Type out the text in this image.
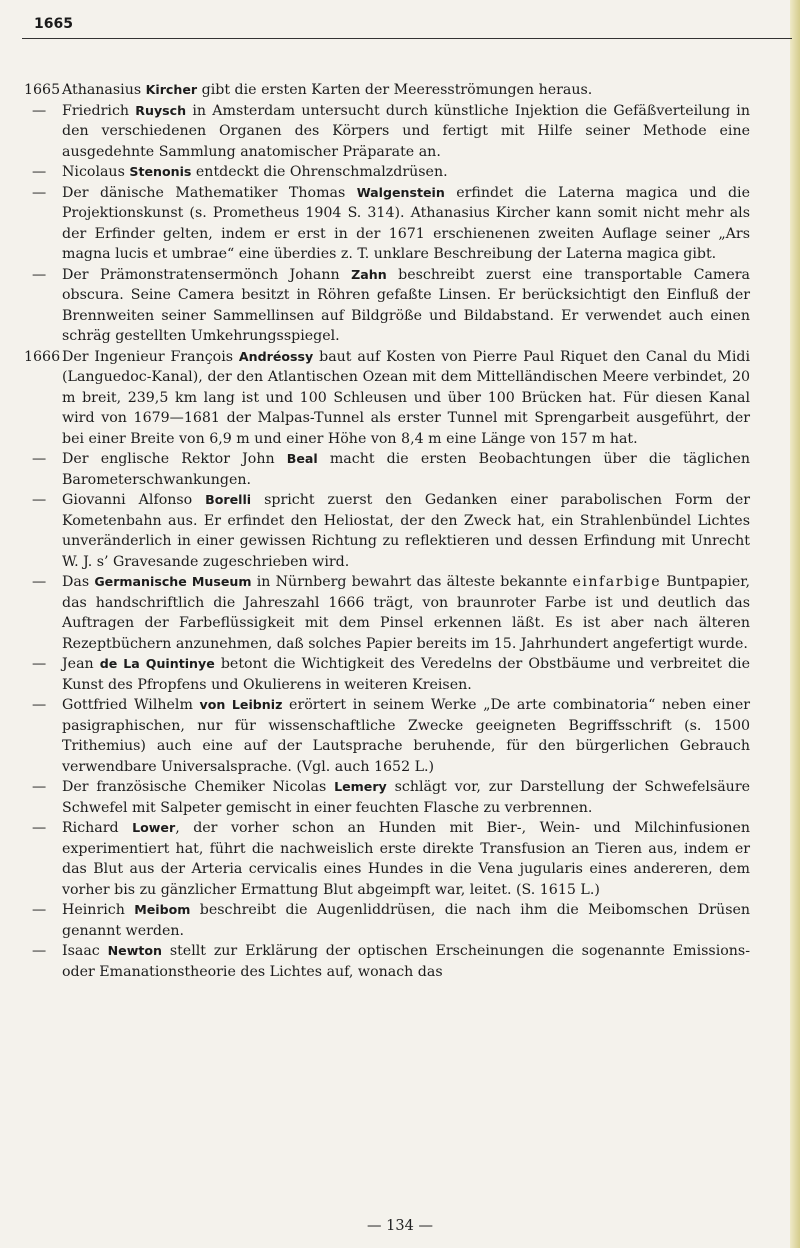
1665
1665 Athanasius Kircher gibt die ersten Karten der Meeresströmungen heraus.
—	Friedrich Ruysch in Amsterdam untersucht durch künstliche Injektion die Gefäßverteilung in den verschiedenen Organen des Körpers und fertigt mit Hilfe seiner Methode eine ausgedehnte Sammlung anatomischer Präparate an.
—	Nicolaus Stenonis entdeckt die Ohrenschmalzdrüsen.
—	Der dänische Mathematiker Thomas Walgenstein erfindet die Laterna magica und die Projektionskunst (s. Prometheus 1904 S. 314). Athanasius Kircher kann somit nicht mehr als der Erfinder gelten, indem er erst in der 1671 erschienenen zweiten Auflage seiner „Ars magna lucis et umbrae“ eine überdies z. T. unklare Beschreibung der Laterna magica gibt.
—	Der Prämonstratensermönch Johann Zahn beschreibt zuerst eine transportable Camera obscura. Seine Camera besitzt in Röhren gefaßte Linsen. Er berücksichtigt den Einfluß der Brennweiten seiner Sammellinsen auf Bildgröße und Bildabstand. Er verwendet auch einen schräg gestellten Umkehrungsspiegel.
1666 Der Ingenieur François Andréossy baut auf Kosten von Pierre Paul Riquet den Canal du Midi (Languedoc-Kanal), der den Atlantischen Ozean mit dem Mittelländischen Meere verbindet, 20 m breit, 239,5 km lang ist und 100 Schleusen und über 100 Brücken hat. Für diesen Kanal wird von 1679—1681 der Malpas-Tunnel als erster Tunnel mit Sprengarbeit ausgeführt, der bei einer Breite von 6,9 m und einer Höhe von 8,4 m eine Länge von 157 m hat.
—	Der englische Rektor John Beal macht die ersten Beobachtungen über die täglichen Barometerschwankungen.
—	Giovanni Alfonso Borelli spricht zuerst den Gedanken einer parabolischen Form der Kometenbahn aus. Er erfindet den Heliostat, der den Zweck hat, ein Strahlenbündel Lichtes unveränderlich in einer gewissen Richtung zu reflektieren und dessen Erfindung mit Unrecht W. J. s’ Gravesande zugeschrieben wird.
—	Das Germanische Museum in Nürnberg bewahrt das älteste bekannte einfarbige Buntpapier, das handschriftlich die Jahreszahl 1666 trägt, von braunroter Farbe ist und deutlich das Auftragen der Farbeflüssigkeit mit dem Pinsel erkennen läßt. Es ist aber nach älteren Rezeptbüchern anzunehmen, daß solches Papier bereits im 15. Jahrhundert angefertigt wurde.
—	Jean de La Quintinye betont die Wichtigkeit des Veredelns der Obstbäume und verbreitet die Kunst des Pfropfens und Okulierens in weiteren Kreisen.
—	Gottfried Wilhelm von Leibniz erörtert in seinem Werke „De arte combinatoria“ neben einer pasigraphischen, nur für wissenschaftliche Zwecke geeigneten Begriffsschrift (s. 1500 Trithemius) auch eine auf der Lautsprache beruhende, für den bürgerlichen Gebrauch verwendbare Universalsprache. (Vgl. auch 1652 L.)
—	Der französische Chemiker Nicolas Lemery schlägt vor, zur Darstellung der Schwefelsäure Schwefel mit Salpeter gemischt in einer feuchten Flasche zu verbrennen.
—	Richard Lower, der vorher schon an Hunden mit Bier-, Wein- und Milchinfusionen experimentiert hat, führt die nachweislich erste direkte Transfusion an Tieren aus, indem er das Blut aus der Arteria cervicalis eines Hundes in die Vena jugularis eines andereren, dem vorher bis zu gänzlicher Ermattung Blut abgeimpft war, leitet. (S. 1615 L.)
—	Heinrich Meibom beschreibt die Augenliddrüsen, die nach ihm die Meibomschen Drüsen genannt werden.
—	Isaac Newton stellt zur Erklärung der optischen Erscheinungen die sogenannte Emissions- oder Emanationstheorie des Lichtes auf, wonach das
— 134 —
